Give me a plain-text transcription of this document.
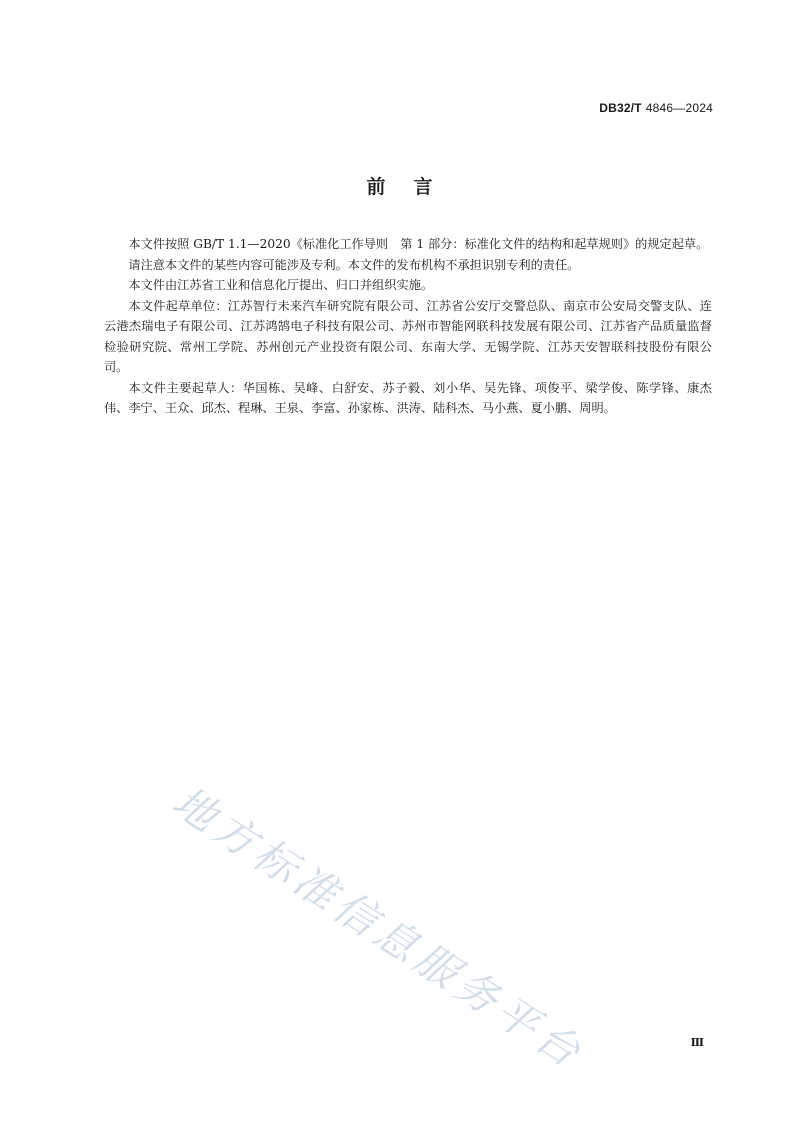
DB32/T 4846—2024
前言

本文件按照 GB/T 1.1—2020《标准化工作导则　第 1 部分：标准化文件的结构和起草规则》的规定起草。

请注意本文件的某些内容可能涉及专利。本文件的发布机构不承担识别专利的责任。

本文件由江苏省工业和信息化厅提出、归口并组织实施。

本文件起草单位：江苏智行未来汽车研究院有限公司、江苏省公安厅交警总队、南京市公安局交警支队、连云港杰瑞电子有限公司、江苏鸿鹄电子科技有限公司、苏州市智能网联科技发展有限公司、江苏省产品质量监督检验研究院、常州工学院、苏州创元产业投资有限公司、东南大学、无锡学院、江苏天安智联科技股份有限公司。

本文件主要起草人：华国栋、吴峰、白舒安、苏子毅、刘小华、吴先锋、项俊平、梁学俊、陈学锋、康杰伟、李宁、王众、邱杰、程琳、王泉、李富、孙家栋、洪涛、陆科杰、马小燕、夏小鹏、周明。

地方标准信息服务平台	Ⅲ
